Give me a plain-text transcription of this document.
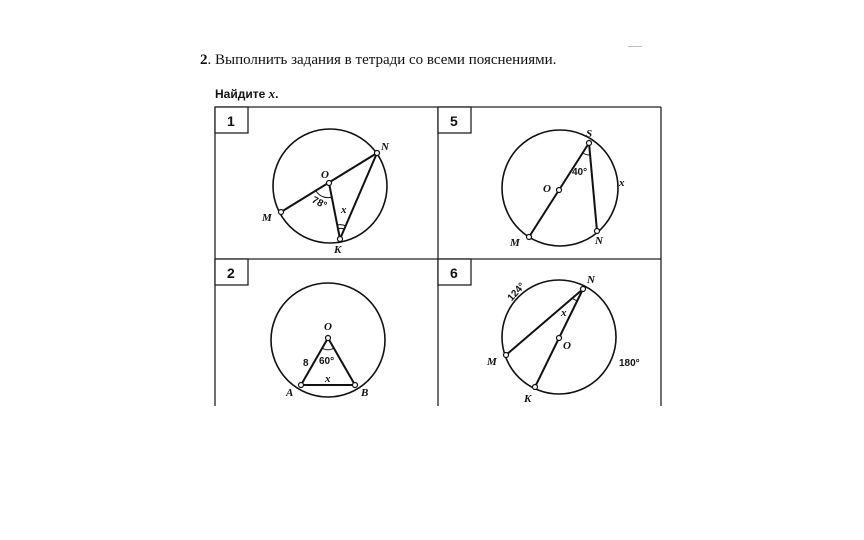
2. Выполнить задания в тетради со всеми пояснениями.
Найдите x.
1	5
2	6
O
N
M
K
x
78°
S
O
M	N
x
40°
O
A	B
x
8 60°
N
M
O
K
x
124°
180°
